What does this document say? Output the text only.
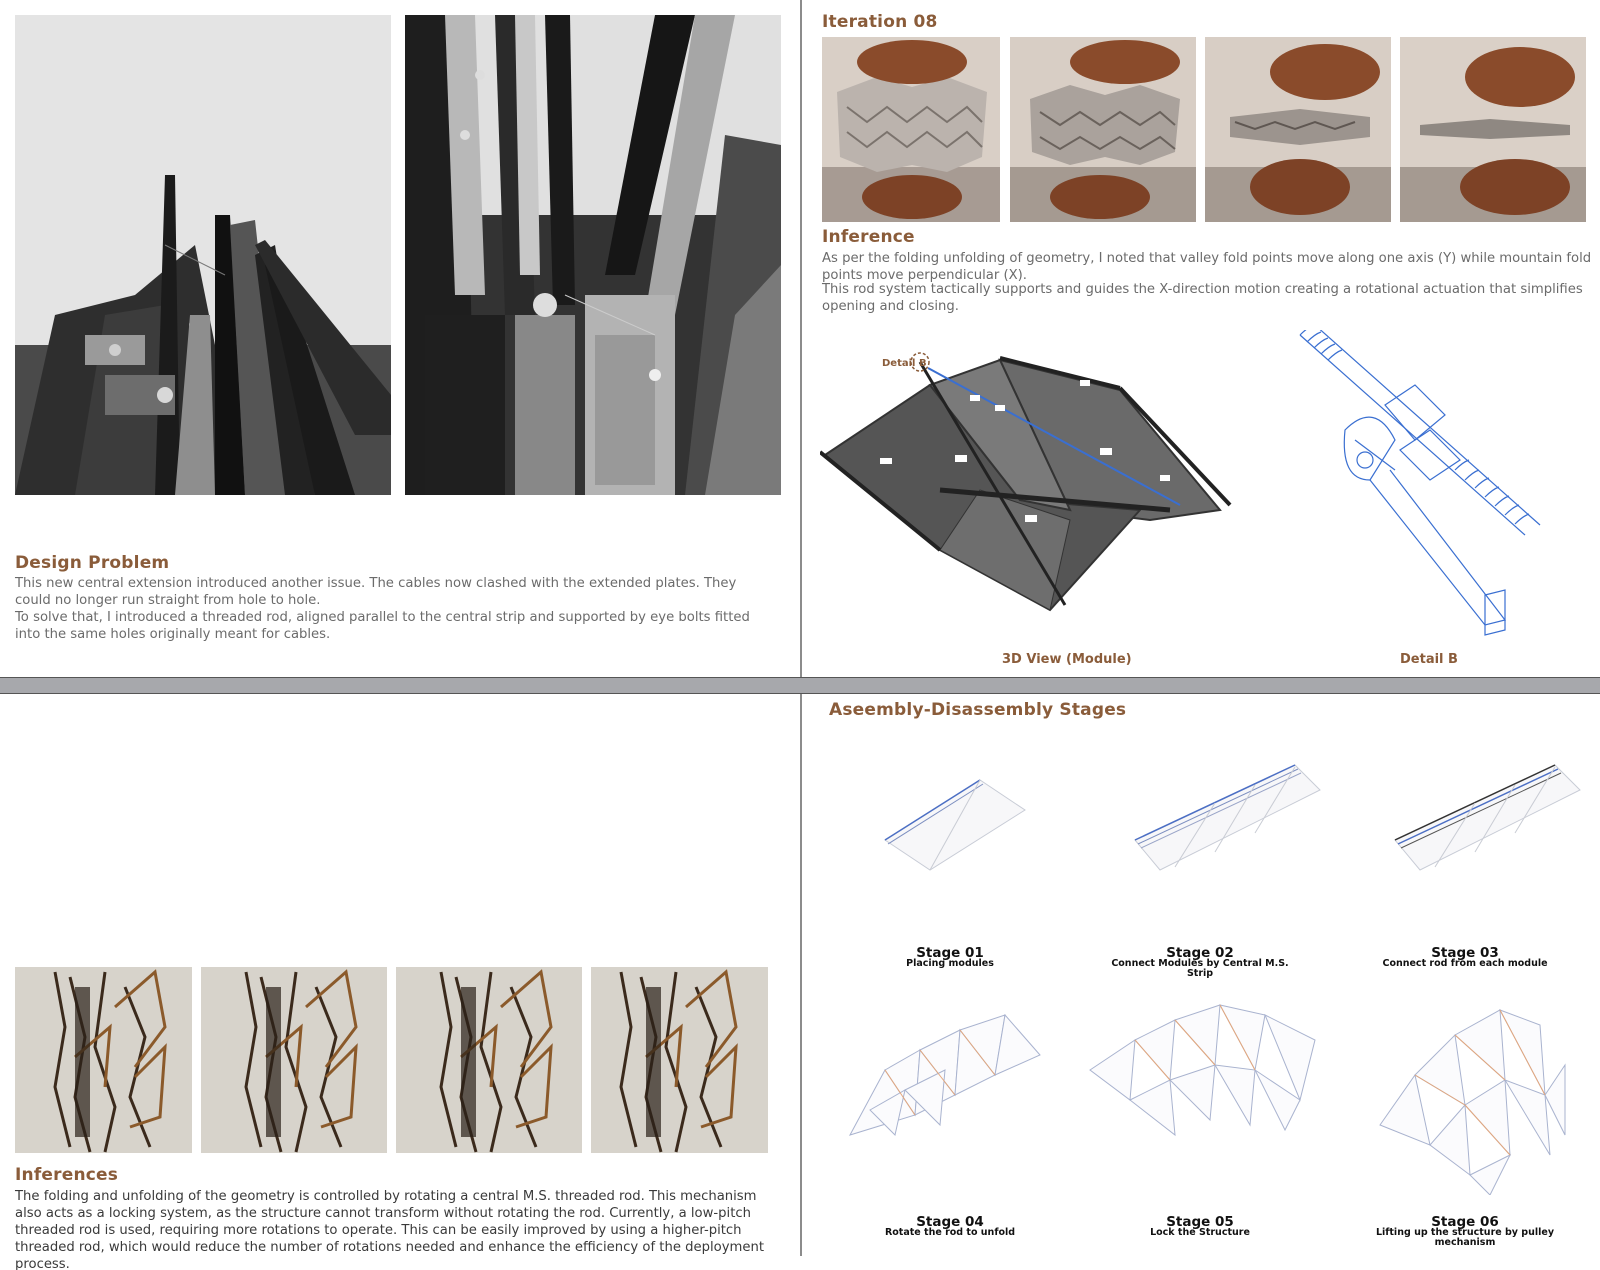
Design Problem
This new central extension introduced another issue. The cables now clashed with the extended plates. They could no longer run straight from hole to hole.
To solve that, I introduced a threaded rod, aligned parallel to the central strip and supported by eye bolts fitted into the same holes originally meant for cables.
Iteration 08
Inference
As per the folding unfolding of geometry, I noted that valley fold points move along one axis (Y) while mountain fold points move perpendicular (X).
This rod system tactically supports and guides the X-direction motion creating a rotational actuation that simplifies opening and closing.
Detail B
3D View (Module)	Detail B
Inferences
The folding and unfolding of the geometry is controlled by rotating a central M.S. threaded rod. This mechanism also acts as a locking system, as the structure cannot transform without rotating the rod. Currently, a low-pitch threaded rod is used, requiring more rotations to operate. This can be easily improved by using a higher-pitch threaded rod, which would reduce the number of rotations needed and enhance the efficiency of the deployment process.
Aseembly-Disassembly Stages
Stage 01
Placing modules
Stage 02
Connect Modules by Central M.S. Strip
Stage 03
Connect rod from each module
Stage 04
Rotate the rod to unfold
Stage 05
Lock the Structure
Stage 06
Lifting up the structure by pulley mechanism
